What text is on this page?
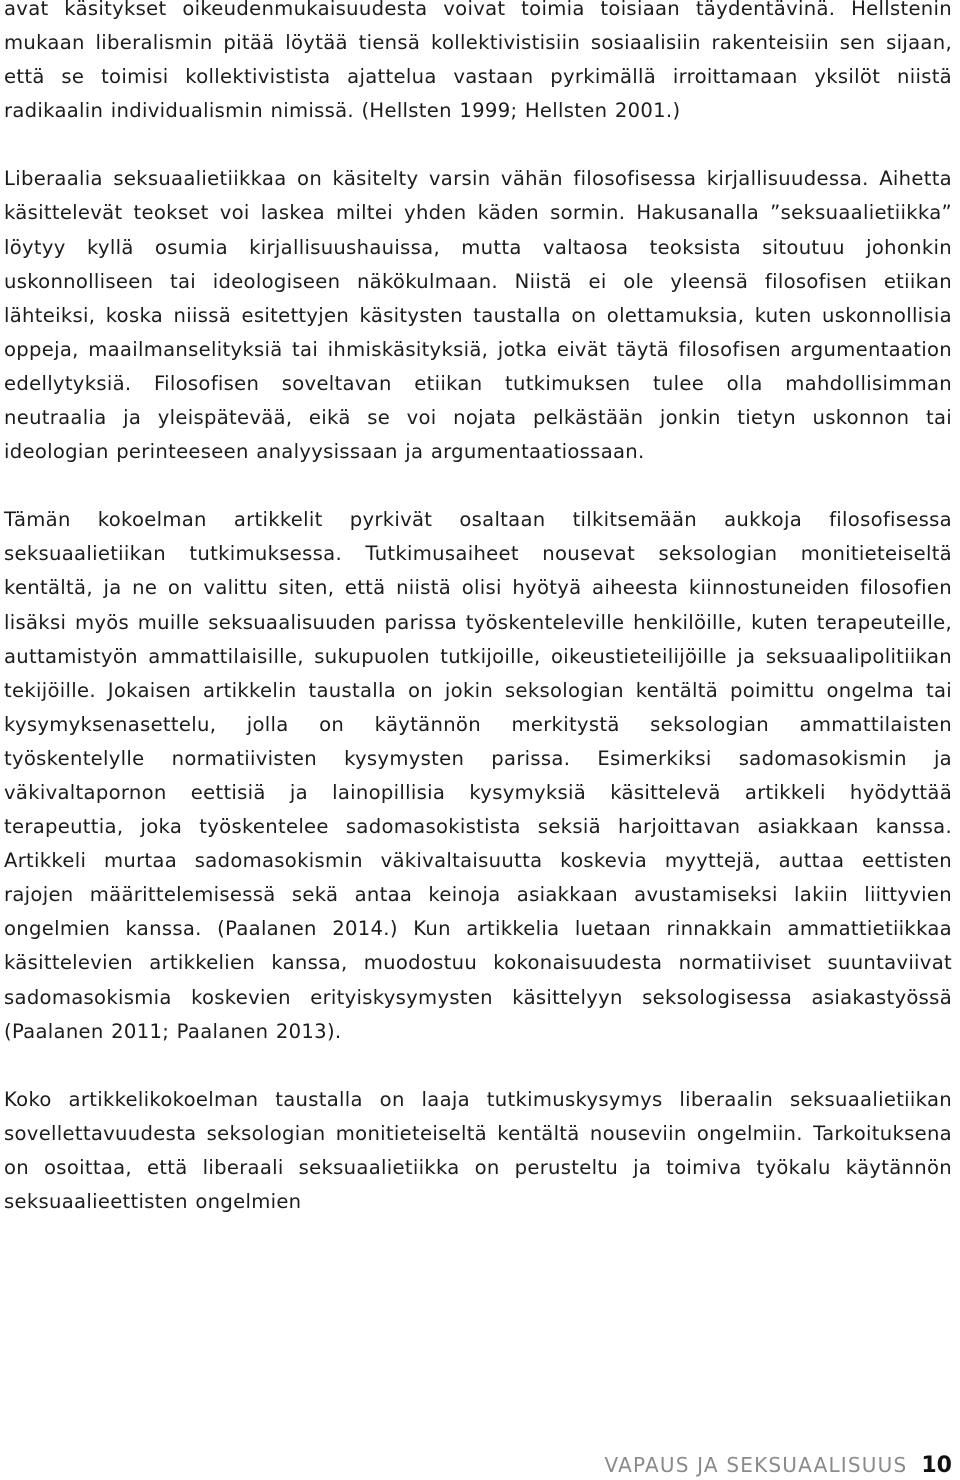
avat käsitykset oikeudenmukaisuudesta voivat toimia toisiaan täydentävinä. Hellstenin mukaan liberalismin pitää löytää tiensä kollektivistisiin sosiaalisiin rakenteisiin sen sijaan, että se toimisi kollektivistista ajattelua vastaan pyrkimällä irroittamaan yksilöt niistä radikaalin individualismin nimissä. (Hellsten 1999; Hellsten 2001.)

Liberaalia seksuaalietiikkaa on käsitelty varsin vähän filosofisessa kirjallisuudessa. Aihetta käsittelevät teokset voi laskea miltei yhden käden sormin. Hakusanalla ”seksuaalietiikka” löytyy kyllä osumia kirjallisuushauissa, mutta valtaosa teoksista sitoutuu johonkin uskonnolliseen tai ideologiseen näkökulmaan. Niistä ei ole yleensä filosofisen etiikan lähteiksi, koska niissä esitettyjen käsitysten taustalla on olettamuksia, kuten uskonnollisia oppeja, maailmanselityksiä tai ihmiskäsityksiä, jotka eivät täytä filosofisen argumentaation edellytyksiä. Filosofisen soveltavan etiikan tutkimuksen tulee olla mahdollisimman neutraalia ja yleispätevää, eikä se voi nojata pelkästään jonkin tietyn uskonnon tai ideologian perinteeseen analyysissaan ja argumentaatiossaan.

Tämän kokoelman artikkelit pyrkivät osaltaan tilkitsemään aukkoja filosofisessa seksuaalietiikan tutkimuksessa. Tutkimusaiheet nousevat seksologian monitieteiseltä kentältä, ja ne on valittu siten, että niistä olisi hyötyä aiheesta kiinnostuneiden filosofien lisäksi myös muille seksuaalisuuden parissa työskenteleville henkilöille, kuten terapeuteille, auttamistyön ammattilaisille, sukupuolen tutkijoille, oikeustieteilijöille ja seksuaalipolitiikan tekijöille. Jokaisen artikkelin taustalla on jokin seksologian kentältä poimittu ongelma tai kysymyksenasettelu, jolla on käytännön merkitystä seksologian ammattilaisten työskentelylle normatiivisten kysymysten parissa. Esimerkiksi sadomasokismin ja väkivaltapornon eettisiä ja lainopillisia kysymyksiä käsittelevä artikkeli hyödyttää terapeuttia, joka työskentelee sadomasokistista seksiä harjoittavan asiakkaan kanssa. Artikkeli murtaa sadomasokismin väkivaltaisuutta koskevia myyttejä, auttaa eettisten rajojen määrittelemisessä sekä antaa keinoja asiakkaan avustamiseksi lakiin liittyvien ongelmien kanssa. (Paalanen 2014.) Kun artikkelia luetaan rinnakkain ammattietiikkaa käsittelevien artikkelien kanssa, muodostuu kokonaisuudesta normatiiviset suuntaviivat sadomasokismia koskevien erityiskysymysten käsittelyyn seksologisessa asiakastyössä (Paalanen 2011; Paalanen 2013).

Koko artikkelikokoelman taustalla on laaja tutkimuskysymys liberaalin seksuaalietiikan sovellettavuudesta seksologian monitieteiseltä kentältä nouseviin ongelmiin. Tarkoituksena on osoittaa, että liberaali seksuaalietiikka on perusteltu ja toimiva työkalu käytännön seksuaalieettisten ongelmien

VAPAUS JA SEKSUAALISUUS 10
